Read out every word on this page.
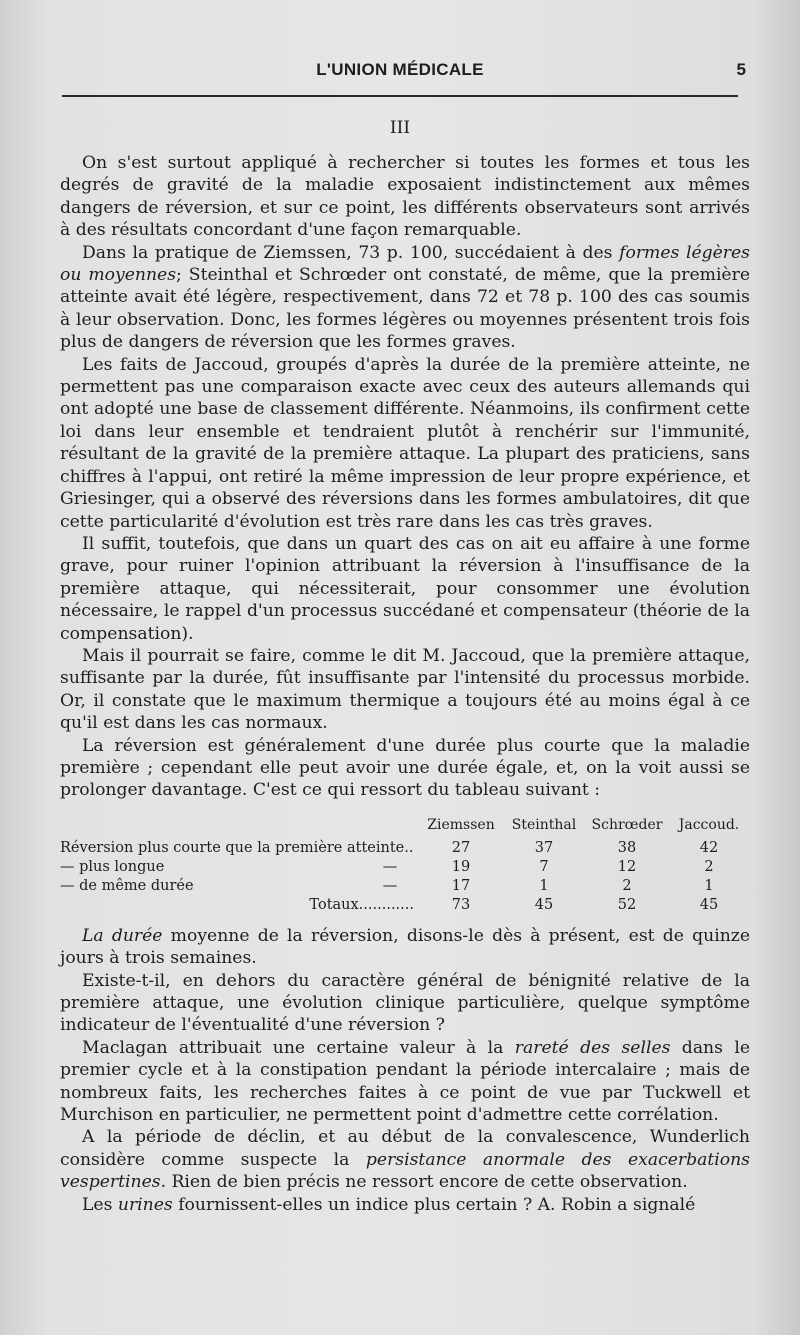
L'UNION MÉDICALE	5
III

On s'est surtout appliqué à rechercher si toutes les formes et tous les degrés de gravité de la maladie exposaient indistinctement aux mêmes dangers de réversion, et sur ce point, les différents observateurs sont arrivés à des résultats concordant d'une façon remarquable.

Dans la pratique de Ziemssen, 73 p. 100, succédaient à des formes légères ou moyennes; Steinthal et Schrœder ont constaté, de même, que la première atteinte avait été légère, respectivement, dans 72 et 78 p. 100 des cas soumis à leur observation. Donc, les formes légères ou moyennes présentent trois fois plus de dangers de réversion que les formes graves.

Les faits de Jaccoud, groupés d'après la durée de la première atteinte, ne permettent pas une comparaison exacte avec ceux des auteurs allemands qui ont adopté une base de classement différente. Néanmoins, ils confirment cette loi dans leur ensemble et tendraient plutôt à renchérir sur l'immunité, résultant de la gravité de la première attaque. La plupart des praticiens, sans chiffres à l'appui, ont retiré la même impression de leur propre expérience, et Griesinger, qui a observé des réversions dans les formes ambulatoires, dit que cette particularité d'évolution est très rare dans les cas très graves.

Il suffit, toutefois, que dans un quart des cas on ait eu affaire à une forme grave, pour ruiner l'opinion attribuant la réversion à l'insuffisance de la première attaque, qui nécessiterait, pour consommer une évolution nécessaire, le rappel d'un processus succédané et compensateur (théorie de la compensation).

Mais il pourrait se faire, comme le dit M. Jaccoud, que la première attaque, suffisante par la durée, fût insuffisante par l'intensité du processus morbide. Or, il constate que le maximum thermique a toujours été au moins égal à ce qu'il est dans les cas normaux.

La réversion est généralement d'une durée plus courte que la maladie première ; cependant elle peut avoir une durée égale, et, on la voit aussi se prolonger davantage. C'est ce qui ressort du tableau suivant :

		Ziemssen	Steinthal	Schrœder	Jaccoud.
Réversion plus courte que la première atteinte..		27	37	38	42
— plus longue	—	19	7	12	2
— de même durée	—	17	1	2	1
Totaux............		73	45	52	45

La durée moyenne de la réversion, disons-le dès à présent, est de quinze jours à trois semaines.

Existe-t-il, en dehors du caractère général de bénignité relative de la première attaque, une évolution clinique particulière, quelque symptôme indicateur de l'éventualité d'une réversion ?

Maclagan attribuait une certaine valeur à la rareté des selles dans le premier cycle et à la constipation pendant la période intercalaire ; mais de nombreux faits, les recherches faites à ce point de vue par Tuckwell et Murchison en particulier, ne permettent point d'admettre cette corrélation.

A la période de déclin, et au début de la convalescence, Wunderlich considère comme suspecte la persistance anormale des exacerbations vespertines. Rien de bien précis ne ressort encore de cette observation.

Les urines fournissent-elles un indice plus certain ? A. Robin a signalé
